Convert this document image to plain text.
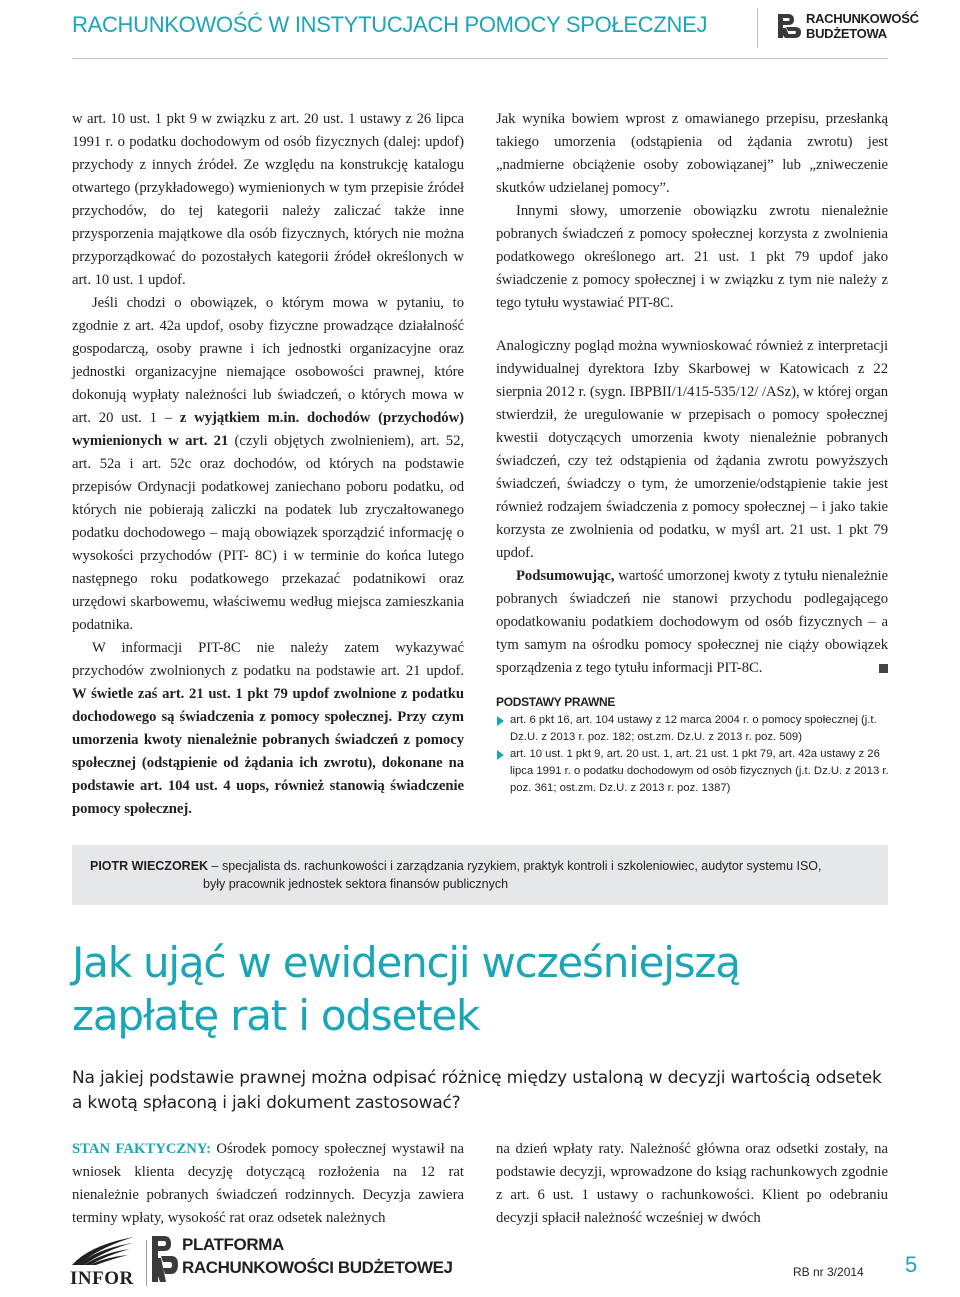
RACHUNKOWOŚĆ W INSTYTUCJACH POMOCY SPOŁECZNEJ	RACHUNKOWOŚĆ
BUDŻETOWA

w art. 10 ust. 1 pkt 9 w związku z art. 20 ust. 1 ustawy z 26 lipca 1991 r. o podatku dochodowym od osób fizycznych (dalej: updof) przychody z innych źródeł. Ze względu na konstrukcję katalogu otwartego (przykładowego) wymienionych w tym przepisie źródeł przychodów, do tej kategorii należy zaliczać także inne przysporzenia majątkowe dla osób fizycznych, których nie można przyporządkować do pozostałych kategorii źródeł określonych w art. 10 ust. 1 updof.

Jeśli chodzi o obowiązek, o którym mowa w pytaniu, to zgodnie z art. 42a updof, osoby fizyczne prowadzące działalność gospodarczą, osoby prawne i ich jednostki organizacyjne oraz jednostki organizacyjne niemające osobowości prawnej, które dokonują wypłaty należności lub świadczeń, o których mowa w art. 20 ust. 1 – z wyjątkiem m.in. dochodów (przychodów) wymienionych w art. 21 (czyli objętych zwolnieniem), art. 52, art. 52a i art. 52c oraz dochodów, od których na podstawie przepisów Ordynacji podatkowej zaniechano poboru podatku, od których nie pobierają zaliczki na podatek lub zryczałtowanego podatku dochodowego – mają obowiązek sporządzić informację o wysokości przychodów (PIT- 8C) i w terminie do końca lutego następnego roku podatkowego przekazać podatnikowi oraz urzędowi skarbowemu, właściwemu według miejsca zamieszkania podatnika.

W informacji PIT-8C nie należy zatem wykazywać przychodów zwolnionych z podatku na podstawie art. 21 updof. W świetle zaś art. 21 ust. 1 pkt 79 updof zwolnione z podatku dochodowego są świadczenia z pomocy społecznej. Przy czym umorzenia kwoty nienależnie pobranych świadczeń z pomocy społecznej (odstąpienie od żądania ich zwrotu), dokonane na podstawie art. 104 ust. 4 uops, również stanowią świadczenie pomocy społecznej.

Jak wynika bowiem wprost z omawianego przepisu, przesłanką takiego umorzenia (odstąpienia od żądania zwrotu) jest „nadmierne obciążenie osoby zobowiązanej” lub „zniweczenie skutków udzielanej pomocy”.

Innymi słowy, umorzenie obowiązku zwrotu nienależnie pobranych świadczeń z pomocy społecznej korzysta z zwolnienia podatkowego określonego art. 21 ust. 1 pkt 79 updof jako świadczenie z pomocy społecznej i w związku z tym nie należy z tego tytułu wystawiać PIT-8C.

Analogiczny pogląd można wywnioskować również z interpretacji indywidualnej dyrektora Izby Skarbowej w Katowicach z 22 sierpnia 2012 r. (sygn. IBPBII/1/415-535/12/ /ASz), w której organ stwierdził, że uregulowanie w przepisach o pomocy społecznej kwestii dotyczących umorzenia kwoty nienależnie pobranych świadczeń, czy też odstąpienia od żądania zwrotu powyższych świadczeń, świadczy o tym, że umorzenie/odstąpienie takie jest również rodzajem świadczenia z pomocy społecznej – i jako takie korzysta ze zwolnienia od podatku, w myśl art. 21 ust. 1 pkt 79 updof.

Podsumowując, wartość umorzonej kwoty z tytułu nienależnie pobranych świadczeń nie stanowi przychodu podlegającego opodatkowaniu podatkiem dochodowym od osób fizycznych – a tym samym na ośrodku pomocy społecznej nie ciąży obowiązek sporządzenia z tego tytułu informacji PIT-8C.

PODSTAWY PRAWNE
art. 6 pkt 16, art. 104 ustawy z 12 marca 2004 r. o pomocy społecznej (j.t. Dz.U. z 2013 r. poz. 182; ost.zm. Dz.U. z 2013 r. poz. 509)
art. 10 ust. 1 pkt 9, art. 20 ust. 1, art. 21 ust. 1 pkt 79, art. 42a ustawy z 26 lipca 1991 r. o podatku dochodowym od osób fizycznych (j.t. Dz.U. z 2013 r. poz. 361; ost.zm. Dz.U. z 2013 r. poz. 1387)
PIOTR WIECZOREK – specjalista ds. rachunkowości i zarządzania ryzykiem, praktyk kontroli i szkoleniowiec, audytor systemu ISO,
były pracownik jednostek sektora finansów publicznych
Jak ująć w ewidencji wcześniejszą zapłatę rat i odsetek
Na jakiej podstawie prawnej można odpisać różnicę między ustaloną w decyzji wartością odsetek a kwotą spłaconą i jaki dokument zastosować?
STAN FAKTYCZNY: Ośrodek pomocy społecznej wystawił na wniosek klienta decyzję dotyczącą rozłożenia na 12 rat nienależnie pobranych świadczeń rodzinnych. Decyzja zawiera terminy wpłaty, wysokość rat oraz odsetek należnych
na dzień wpłaty raty. Należność główna oraz odsetki zostały, na podstawie decyzji, wprowadzone do ksiąg rachunkowych zgodnie z art. 6 ust. 1 ustawy o rachunkowości. Klient po odebraniu decyzji spłacił należność wcześniej w dwóch
INFOR
PLATFORMA
RACHUNKOWOŚCI BUDŻETOWEJ	RB nr 3/2014 5
